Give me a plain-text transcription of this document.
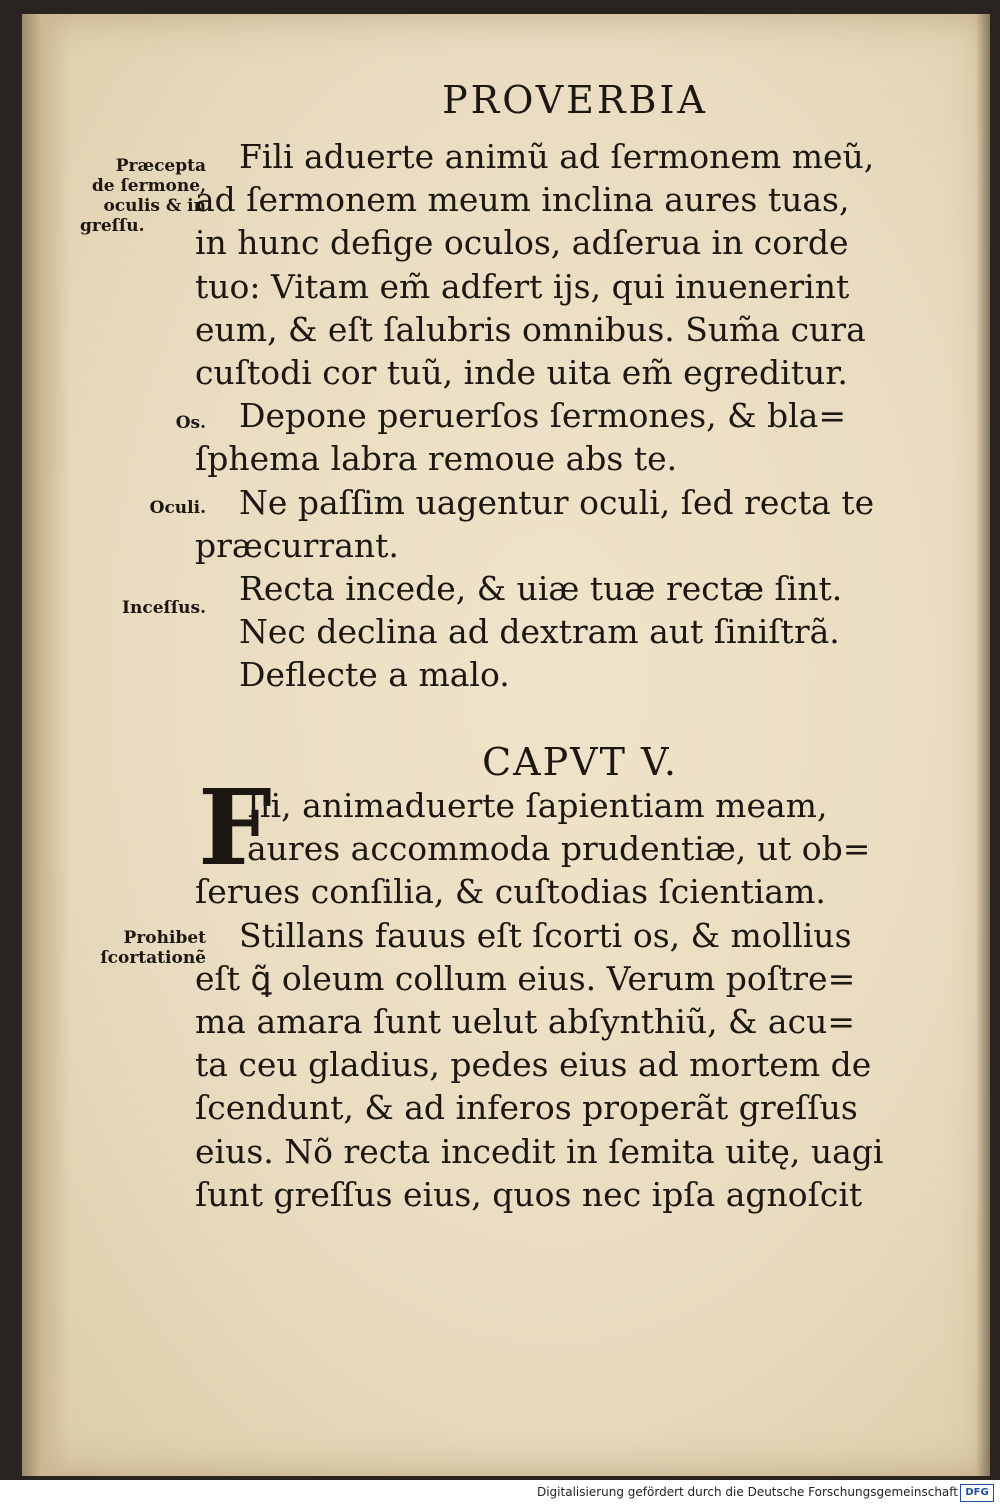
PROVERBIA
Præcepta
de ſermone,
oculis & in
greſſu.
Os.
Oculi.
Inceſſus.
Prohibet
ſcortationẽ
Fili aduerte animũ ad ſermonem meũ,
ad ſermonem meum inclina aures tuas,
in hunc defige oculos, adſerua in corde
tuo: Vitam em̃ adfert ijs, qui inuenerint
eum, & eſt ſalubris omnibus. Sum̃a cura
cuſtodi cor tuũ, inde uita em̃ egreditur.
Depone peruerſos ſermones, & bla=
ſphema labra remoue abs te.
Ne paſſim uagentur oculi, ſed recta te
præcurrant.
Recta incede, & uiæ tuæ rectæ ſint.
Nec declina ad dextram aut ſiniſtrã.
Deflecte a malo.
CAPVT V.
F
Ili, animaduerte ſapientiam meam,
aures accommoda prudentiæ, ut ob=
ſerues conſilia, & cuſtodias ſcientiam.
Stillans fauus eſt ſcorti os, & mollius
eſt ꝗ̃ oleum collum eius. Verum poſtre=
ma amara ſunt uelut abſynthiũ, & acu=
ta ceu gladius, pedes eius ad mortem de
ſcendunt, & ad inferos properãt greſſus
eius. Nõ recta incedit in ſemita uitę, uagi
ſunt greſſus eius, quos nec ipſa agnoſcit
Digitalisierung gefördert durch die Deutsche Forschungsgemeinschaft DFG
